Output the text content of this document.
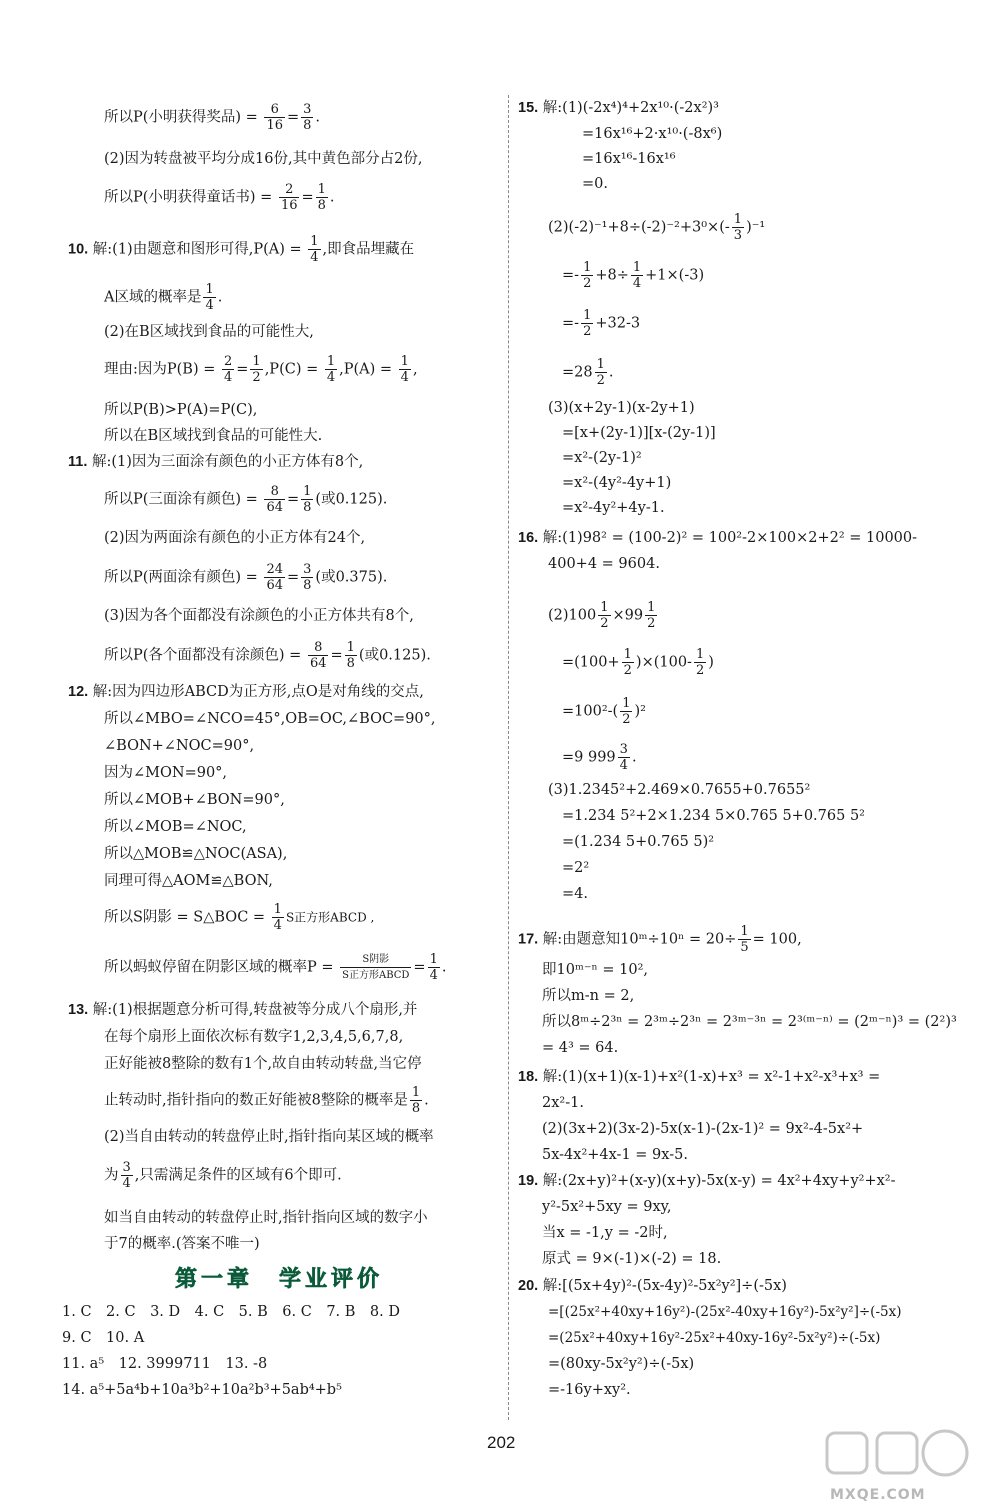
所以P(小明获得奖品) = $\frac{6}{16} = \frac{3}{8}$ .
(2)因为转盘被平均分成16份,其中黄色部分占2份,
所以P(小明获得童话书) = $\frac{2}{16} = \frac{1}{8}$ .
10. 解:(1)由题意和图形可得$,P(A) = \frac{1}{4}$ ,即食品埋藏在
A区域的概率是 $\frac{1}{4}$ .
(2)在B区域找到食品的可能性大,
理由:因为$P(B) = \frac{2}{4} = \frac{1}{2} ,P(C) = \frac{1}{4} ,P(A) = \frac{1}{4}$ ,
所以P(B)>P(A)=P(C),
所以在B区域找到食品的可能性大.
11. 解:(1)因为三面涂有颜色的小正方体有8个,
所以P(三面涂有颜色) = $\frac{8}{64} = \frac{1}{8}$ (或0.125).
(2)因为两面涂有颜色的小正方体有24个,
所以P(两面涂有颜色) = $\frac{24}{64} = \frac{3}{8}$ (或0.375).
(3)因为各个面都没有涂颜色的小正方体共有8个,
所以P(各个面都没有涂颜色) = $\frac{8}{64} = \frac{1}{8}$ (或0.125).
12. 解:因为四边形ABCD为正方形,点O是对角线的交点,
所以∠MBO=∠NCO=45°,OB=OC,∠BOC=90°,
∠BON+∠NOC=90°,
因为∠MON=90°,
所以∠MOB+∠BON=90°,
所以∠MOB=∠NOC,
所以△MOB≌△NOC(ASA),
同理可得△AOM≌△BON,
所以S阴影 = S△BOC = $\frac{1}{4}$ S正方形ABCD ,
所以蚂蚁停留在阴影区域的概率$P = \frac{\text{S阴影}}{\text{S正方形ABCD}} = \frac{1}{4}$ .
13. 解:(1)根据题意分析可得,转盘被等分成八个扇形,并
在每个扇形上面依次标有数字1,2,3,4,5,6,7,8,
正好能被8整除的数有1个,故自由转动转盘,当它停
止转动时,指针指向的数正好能被8整除的概率是 $\frac{1}{8}$ .
(2)当自由转动的转盘停止时,指针指向某区域的概率
为 $\frac{3}{4}$ ,只需满足条件的区域有6个即可.
如当自由转动的转盘停止时,指针指向区域的数字小
于7的概率.(答案不唯一)
1. C　2. C　3. D　4. C　5. B　6. C　7. B　8. D
9. C　10. A
11. a⁵　12. 3999711　13. -8
14. a⁵+5a⁴b+10a³b²+10a²b³+5ab⁴+b⁵
第一章　学业评价
15. 解:(1)(-2x⁴)⁴+2x¹⁰·(-2x²)³
=16x¹⁶+2·x¹⁰·(-8x⁶)
=16x¹⁶-16x¹⁶
=0.
$(2)(-2)^{-1}+8\div(-2)^{-2}+3^0\times(- \frac{1}{3} )^{-1}$
=- $\frac{1}{2} +8\div \frac{1}{4} +1\times(-3)$
=- $\frac{1}{2} +32-3$
$=28 \frac{1}{2}$ .
(3)(x+2y-1)(x-2y+1)
=[x+(2y-1)][x-(2y-1)]
=x²-(2y-1)²
=x²-(4y²-4y+1)
=x²-4y²+4y-1.
16. 解:(1)98² = (100-2)² = 100²-2×100×2+2² = 10000-
400+4 = 9604.
$(2)100 \frac{1}{2} \times 99 \frac{1}{2}$
$=(100+ \frac{1}{2} )\times(100- \frac{1}{2}$ )
$=100^2-( \frac{1}{2} )^2$
=9 $999 \frac{3}{4}$ .
(3)1.2345²+2.469×0.7655+0.7655²
=1.234 5²+2×1.234 5×0.765 5+0.765 5²
=(1.234 5+0.765 5)²
=2²
=4.
17. 解:由题意知10ᵐ÷10ⁿ = $20\div \frac{1}{5} = 100$,
即10ᵐ⁻ⁿ = 10²,
所以m-n = 2,
所以8ᵐ÷2³ⁿ = 2³ᵐ÷2³ⁿ = 2³ᵐ⁻³ⁿ = 2³⁽ᵐ⁻ⁿ⁾ = (2ᵐ⁻ⁿ)³ = (2²)³
= 4³ = 64.
18. 解:(1)(x+1)(x-1)+x²(1-x)+x³ = x²-1+x²-x³+x³ =
2x²-1.
(2)(3x+2)(3x-2)-5x(x-1)-(2x-1)² = 9x²-4-5x²+
5x-4x²+4x-1 = 9x-5.
19. 解:(2x+y)²+(x-y)(x+y)-5x(x-y) = 4x²+4xy+y²+x²-
y²-5x²+5xy = 9xy,
当x = -1,y = -2时,
原式 = 9×(-1)×(-2) = 18.
20. 解:[(5x+4y)²-(5x-4y)²-5x²y²]÷(-5x)
=[(25x²+40xy+16y²)-(25x²-40xy+16y²)-5x²y²]÷(-5x)
=(25x²+40xy+16y²-25x²+40xy-16y²-5x²y²)÷(-5x)
=(80xy-5x²y²)÷(-5x)
=-16y+xy².
202
MXQE.COM
